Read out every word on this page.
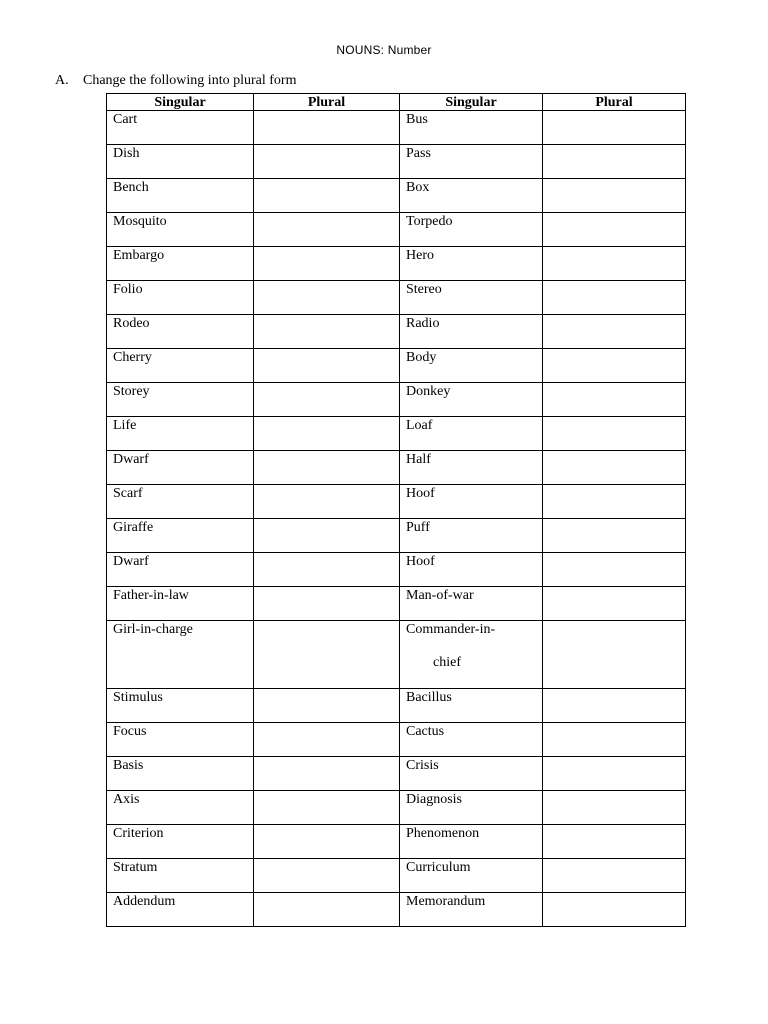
NOUNS: Number
A. Change the following into plural form
Singular	Plural	Singular	Plural
Cart		Bus	
Dish		Pass	
Bench		Box	
Mosquito		Torpedo	
Embargo		Hero	
Folio		Stereo	
Rodeo		Radio	
Cherry		Body	
Storey		Donkey	
Life		Loaf	
Dwarf		Half	
Scarf		Hoof	
Giraffe		Puff	
Dwarf		Hoof	
Father-in-law		Man-of-war	
Girl-in-charge		Commander-in-
chief	

Stimulus		Bacillus	
Focus		Cactus	
Basis		Crisis	
Axis		Diagnosis	
Criterion		Phenomenon	
Stratum		Curriculum	
Addendum		Memorandum	
